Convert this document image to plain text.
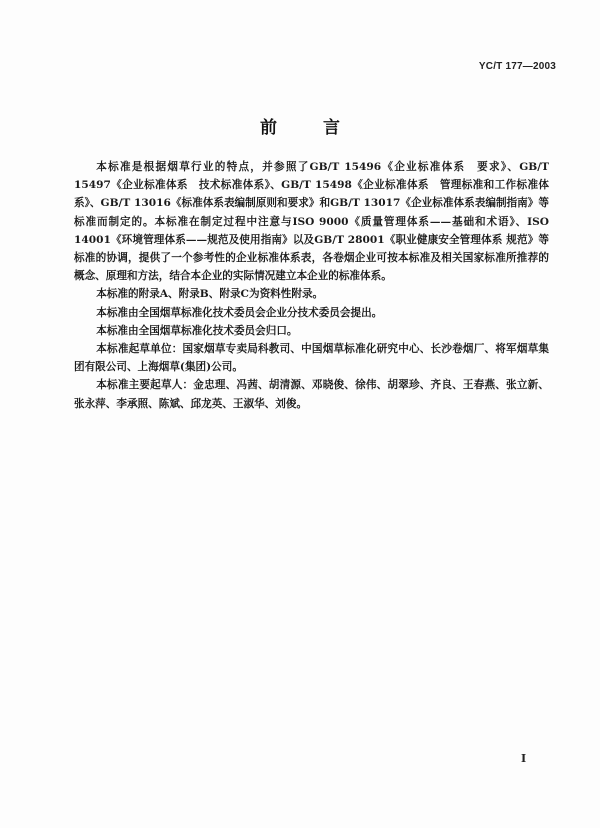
YC/T 177—2003
前	言

本标准是根据烟草行业的特点，并参照了GB/T 15496《企业标准体系　要求》、GB/T 15497《企业标准体系　技术标准体系》、GB/T 15498《企业标准体系　管理标准和工作标准体系》、GB/T 13016《标准体系表编制原则和要求》和GB/T 13017《企业标准体系表编制指南》等标准而制定的。本标准在制定过程中注意与ISO 9000《质量管理体系——基础和术语》、ISO 14001《环境管理体系——规范及使用指南》以及GB/T 28001《职业健康安全管理体系 规范》等标准的协调，提供了一个参考性的企业标准体系表，各卷烟企业可按本标准及相关国家标准所推荐的概念、原理和方法，结合本企业的实际情况建立本企业的标准体系。

本标准的附录A、附录B、附录C为资料性附录。

本标准由全国烟草标准化技术委员会企业分技术委员会提出。

本标准由全国烟草标准化技术委员会归口。

本标准起草单位：国家烟草专卖局科教司、中国烟草标准化研究中心、长沙卷烟厂、将军烟草集团有限公司、上海烟草(集团)公司。

本标准主要起草人：金忠理、冯茜、胡清源、邓晓俊、徐伟、胡翠珍、齐良、王春燕、张立新、张永萍、李承照、陈斌、邱龙英、王淑华、刘俊。

I
